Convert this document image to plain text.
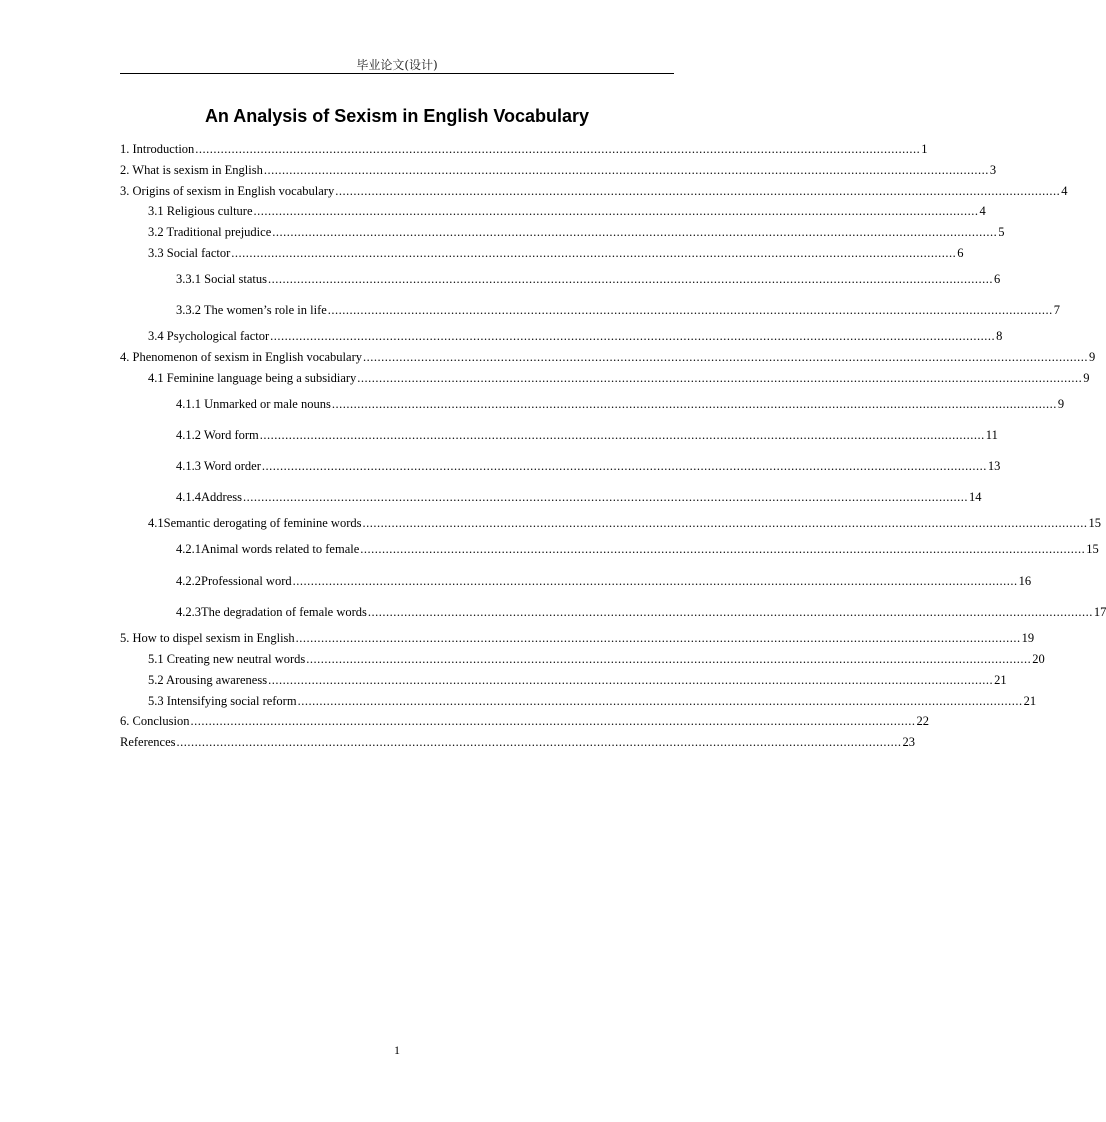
毕业论文(设计)
An Analysis of Sexism in English Vocabulary
1. Introduction ........................................................................................................................................................................................................ 1
2. What is sexism in English ........................................................................................................................................................................................................ 3
3. Origins of sexism in English vocabulary ........................................................................................................................................................................................................ 4
3.1 Religious culture ........................................................................................................................................................................................................ 4
3.2 Traditional prejudice ........................................................................................................................................................................................................ 5
3.3 Social factor ........................................................................................................................................................................................................ 6
3.3.1 Social status ........................................................................................................................................................................................................ 6
3.3.2 The women’s role in life ........................................................................................................................................................................................................ 7
3.4 Psychological factor ........................................................................................................................................................................................................ 8
4. Phenomenon of sexism in English vocabulary ........................................................................................................................................................................................................ 9
4.1 Feminine language being a subsidiary ........................................................................................................................................................................................................ 9
4.1.1 Unmarked or male nouns ........................................................................................................................................................................................................ 9
4.1.2 Word form ........................................................................................................................................................................................................ 11
4.1.3 Word order ........................................................................................................................................................................................................ 13
4.1.4Address ........................................................................................................................................................................................................ 14
4.1Semantic derogating of feminine words ........................................................................................................................................................................................................ 15
4.2.1Animal words related to female ........................................................................................................................................................................................................ 15
4.2.2Professional word ........................................................................................................................................................................................................ 16
4.2.3The degradation of female words ........................................................................................................................................................................................................ 17
5. How to dispel sexism in English ........................................................................................................................................................................................................ 19
5.1 Creating new neutral words ........................................................................................................................................................................................................ 20
5.2 Arousing awareness ........................................................................................................................................................................................................ 21
5.3 Intensifying social reform ........................................................................................................................................................................................................ 21
6. Conclusion ........................................................................................................................................................................................................ 22
References ........................................................................................................................................................................................................ 23
1
